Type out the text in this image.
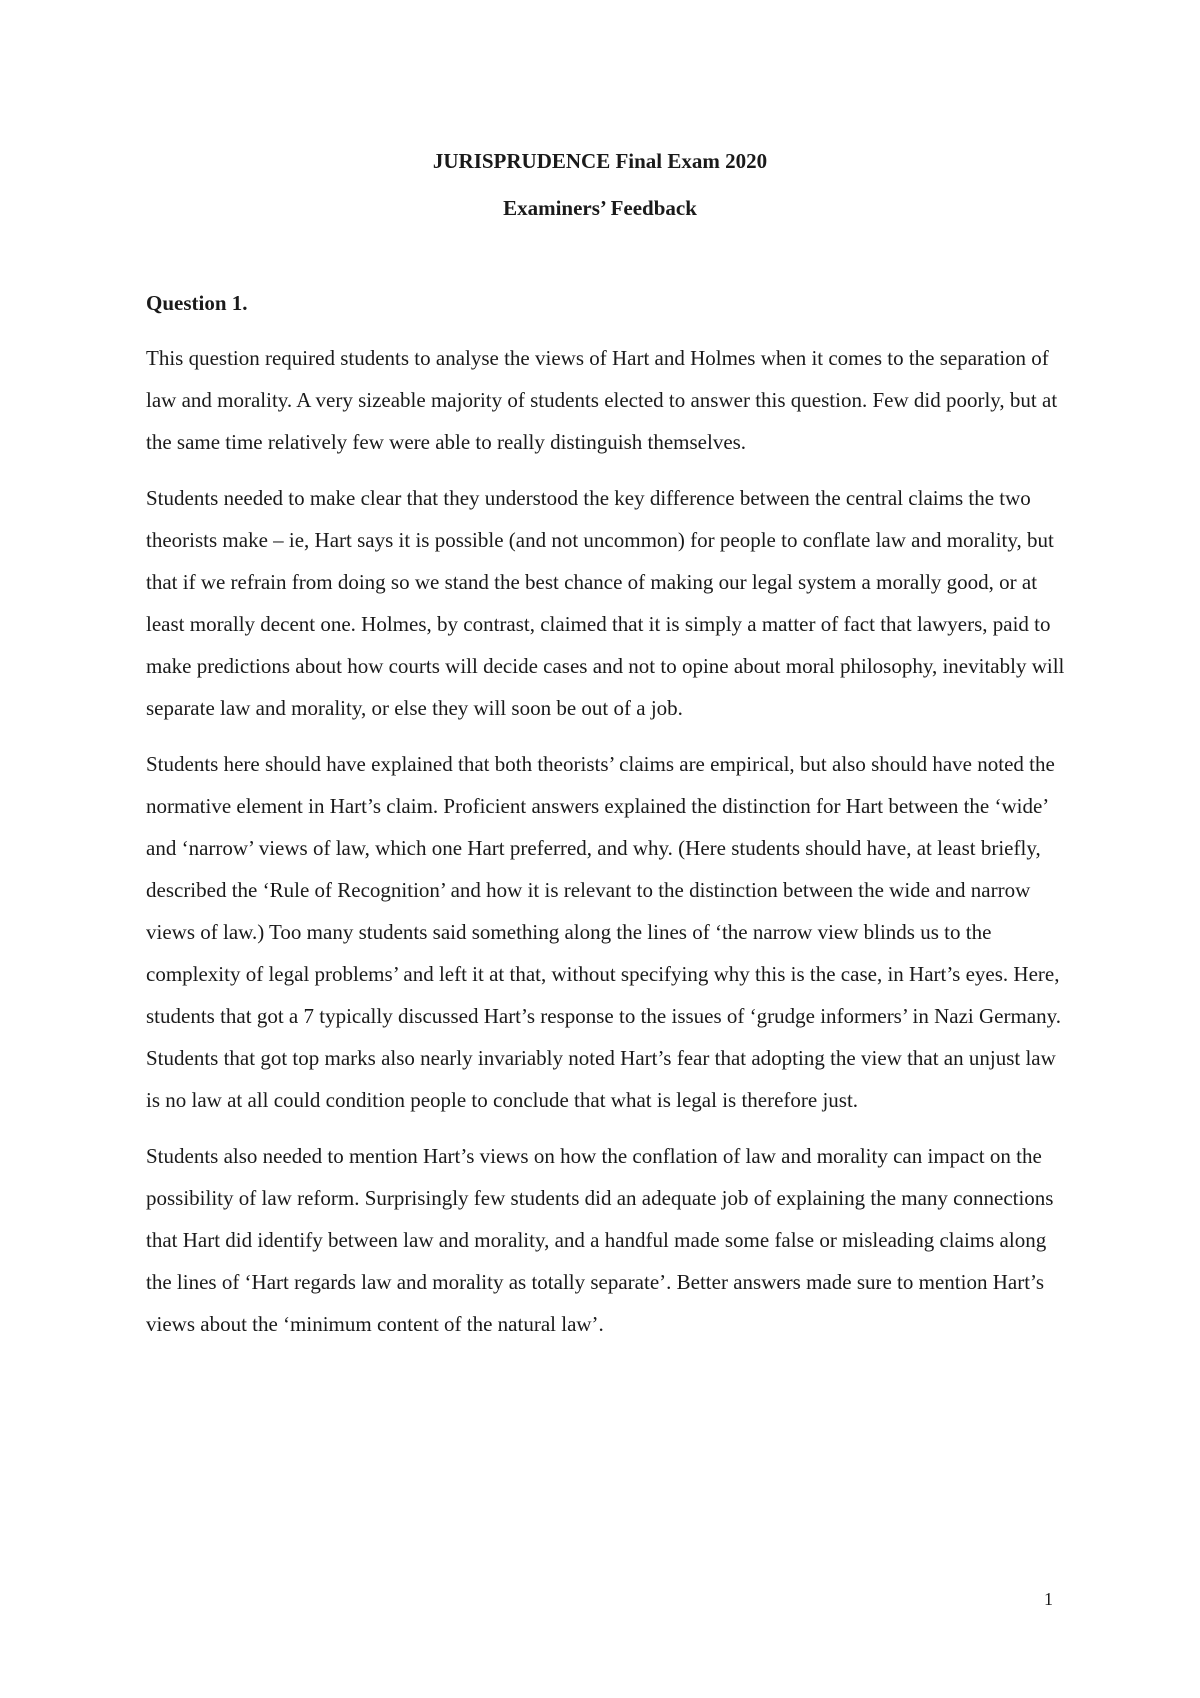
JURISPRUDENCE Final Exam 2020
Examiners’ Feedback
Question 1.

This question required students to analyse the views of Hart and Holmes when it comes to the separation of law and morality. A very sizeable majority of students elected to answer this question. Few did poorly, but at the same time relatively few were able to really distinguish themselves.

Students needed to make clear that they understood the key difference between the central claims the two theorists make – ie, Hart says it is possible (and not uncommon) for people to conflate law and morality, but that if we refrain from doing so we stand the best chance of making our legal system a morally good, or at least morally decent one. Holmes, by contrast, claimed that it is simply a matter of fact that lawyers, paid to make predictions about how courts will decide cases and not to opine about moral philosophy, inevitably will separate law and morality, or else they will soon be out of a job.

Students here should have explained that both theorists’ claims are empirical, but also should have noted the normative element in Hart’s claim. Proficient answers explained the distinction for Hart between the ‘wide’ and ‘narrow’ views of law, which one Hart preferred, and why. (Here students should have, at least briefly, described the ‘Rule of Recognition’ and how it is relevant to the distinction between the wide and narrow views of law.) Too many students said something along the lines of ‘the narrow view blinds us to the complexity of legal problems’ and left it at that, without specifying why this is the case, in Hart’s eyes. Here, students that got a 7 typically discussed Hart’s response to the issues of ‘grudge informers’ in Nazi Germany. Students that got top marks also nearly invariably noted Hart’s fear that adopting the view that an unjust law is no law at all could condition people to conclude that what is legal is therefore just.

Students also needed to mention Hart’s views on how the conflation of law and morality can impact on the possibility of law reform. Surprisingly few students did an adequate job of explaining the many connections that Hart did identify between law and morality, and a handful made some false or misleading claims along the lines of ‘Hart regards law and morality as totally separate’. Better answers made sure to mention Hart’s views about the ‘minimum content of the natural law’.

1
